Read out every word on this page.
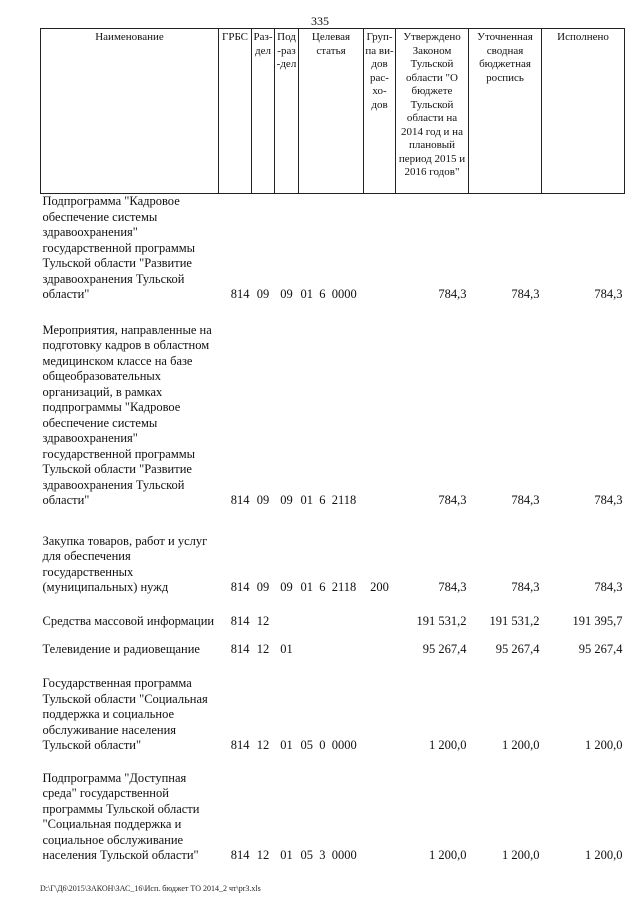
335
Наименование	ГРБС	Раз-дел	Под-раз-дел	Целевая статья	Груп-па ви-дов рас-хо-дов	Утверждено Законом Тульской области "О бюджете Тульской области на 2014 год и на плановый период 2015 и 2016 годов"	Уточненная сводная бюджетная роспись	Исполнено
Подпрограмма "Кадровое обеспечение системы здравоохранения" государственной программы Тульской области "Развитие здравоохранения Тульской области"	814	09	09	01 6 0000		784,3	784,3	784,3
Мероприятия, направленные на подготовку кадров в областном медицинском классе на базе общеобразовательных организаций, в рамках подпрограммы "Кадровое обеспечение системы здравоохранения" государственной программы Тульской области "Развитие здравоохранения Тульской области"	814	09	09	01 6 2118		784,3	784,3	784,3
Закупка товаров, работ и услуг для обеспечения государственных (муниципальных) нужд	814	09	09	01 6 2118	200	784,3	784,3	784,3
Средства массовой информации	814	12				191 531,2	191 531,2	191 395,7
Телевидение и радиовещание	814	12	01			95 267,4	95 267,4	95 267,4
Государственная программа Тульской области "Социальная поддержка и социальное обслуживание населения Тульской области"	814	12	01	05 0 0000		1 200,0	1 200,0	1 200,0
Подпрограмма "Доступная среда" государственной программы Тульской области "Социальная поддержка и социальное обслуживание населения Тульской области"	814	12	01	05 3 0000		1 200,0	1 200,0	1 200,0
D:\Г\Д6\2015\ЗАКОН\ЗАС_16\Исп. бюджет ТО 2014_2 чт\pr3.xls
